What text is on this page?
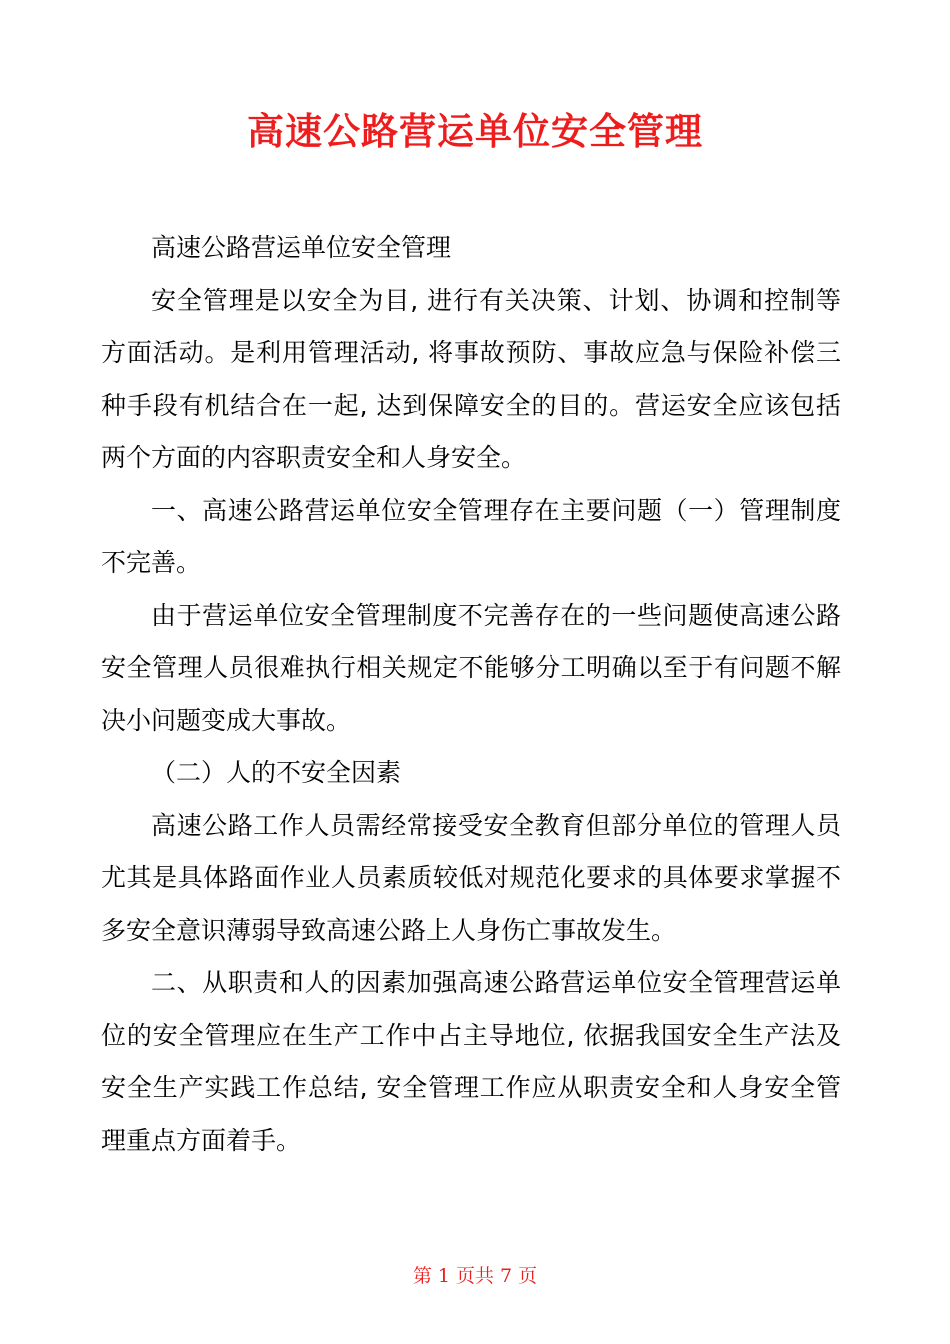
高速公路营运单位安全管理

高速公路营运单位安全管理

安全管理是以安全为目, 进行有关决策、计划、协调和控制等方面活动。是利用管理活动, 将事故预防、事故应急与保险补偿三种手段有机结合在一起, 达到保障安全的目的。营运安全应该包括两个方面的内容职责安全和人身安全。

一、高速公路营运单位安全管理存在主要问题（一）管理制度不完善。

由于营运单位安全管理制度不完善存在的一些问题使高速公路安全管理人员很难执行相关规定不能够分工明确以至于有问题不解决小问题变成大事故。

（二）人的不安全因素

高速公路工作人员需经常接受安全教育但部分单位的管理人员尤其是具体路面作业人员素质较低对规范化要求的具体要求掌握不多安全意识薄弱导致高速公路上人身伤亡事故发生。

二、从职责和人的因素加强高速公路营运单位安全管理营运单位的安全管理应在生产工作中占主导地位, 依据我国安全生产法及安全生产实践工作总结, 安全管理工作应从职责安全和人身安全管理重点方面着手。

第 1 页共 7 页
